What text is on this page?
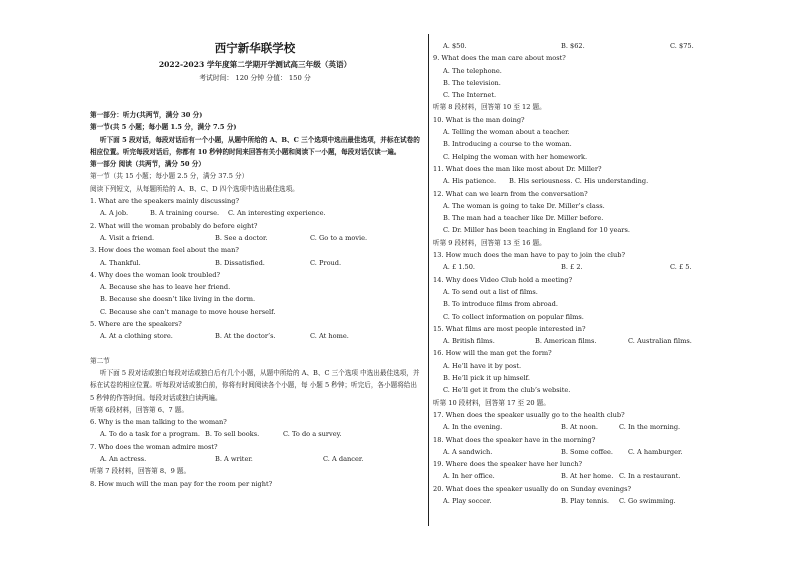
西宁新华联学校
2022-2023 学年度第二学期开学测试高三年级（英语）
考试时间： 120 分钟 分值： 150 分
第一部分：听力(共两节，满分 30 分)
第一节(共 5 小题；每小题 1.5 分，满分 7.5 分)
听下面 5 段对话，每段对话后有一个小题，从题中所给的 A、B、C 三个选项中选出最佳选项，并标在试卷的相应位置。听完每段对话后，你都有 10 秒钟的时间来回答有关小题和阅读下一小题，每段对话仅读一遍。
第一部分 阅读（共两节，满分 50 分）
第一节（共 15 小题；每小题 2.5 分，满分 37.5 分）
阅读下列短文，从每题所给的 A、B、C、D 四个选项中选出最佳选项。
1. What are the speakers mainly discussing?
A. A job.	B. A training course. C. An interesting experience.
2. What will the woman probably do before eight?
A. Visit a friend.	B. See a doctor.	C. Go to a movie.
3. How does the woman feel about the man?
A. Thankful.	B. Dissatisfied.	C. Proud.
4. Why does the woman look troubled?
A. Because she has to leave her friend.
B. Because she doesn’t like living in the dorm.
C. Because she can’t manage to move house herself.
5. Where are the speakers?
A. At a clothing store.	B. At the doctor’s.	C. At home.
第二节
听下面 5 段对话或独白每段对话或独白后有几个小题，从题中所给的 A、B、C 三个选项 中选出最佳选项，并标在试卷的相应位置。听每段对话或独白前，你将有时间阅读各个小题，每 小题 5 秒钟；听完后，各小题将给出 5 秒钟的作答时间。每段对话或独白读两遍。
听第 6段材料，回答第 6、7 题。
6. Why is the man talking to the woman?
A. To do a task for a program. B. To sell books.	C. To do a survey.
7. Who does the woman admire most?
A. An actress.	B. A writer.	C. A dancer.
听第 7 段材料，回答第 8、9 题。
8. How much will the man pay for the room per night?
A. $50.	B. $62.	C. $75.
9. What does the man care about most?
A. The telephone.
B. The television.
C. The Internet.
听第 8 段材料，回答第 10 至 12 题。
10. What is the man doing?
A. Telling the woman about a teacher.
B. Introducing a course to the woman.
C. Helping the woman with her homework.
11. What does the man like most about Dr. Miller?
A. His patience. B. His seriousness. C. His understanding.
12. What can we learn from the conversation?
A. The woman is going to take Dr. Miller’s class.
B. The man had a teacher like Dr. Miller before.
C. Dr. Miller has been teaching in England for 10 years.
听第 9 段材料，回答第 13 至 16 题。
13. How much does the man have to pay to join the club?
A. £ 1.50.	B. £ 2.	C. £ 5.
14. Why does Video Club hold a meeting?
A. To send out a list of films.
B. To introduce films from abroad.
C. To collect information on popular films.
15. What films are most people interested in?
A. British films.	B. American films.	C. Australian films.
16. How will the man get the form?
A. He’ll have it by post.
B. He’ll pick it up himself.
C. He’ll get it from the club’s website.
听第 10 段材料，回答第 17 至 20 题。
17. When does the speaker usually go to the health club?
A. In the evening.	B. At noon.	C. In the morning.
18. What does the speaker have in the morning?
A. A sandwich.	B. Some coffee. C. A hamburger.
19. Where does the speaker have her lunch?
A. In her office.	B. At her home. C. In a restaurant.
20. What does the speaker usually do on Sunday evenings?
A. Play soccer.	B. Play tennis. C. Go swimming.
